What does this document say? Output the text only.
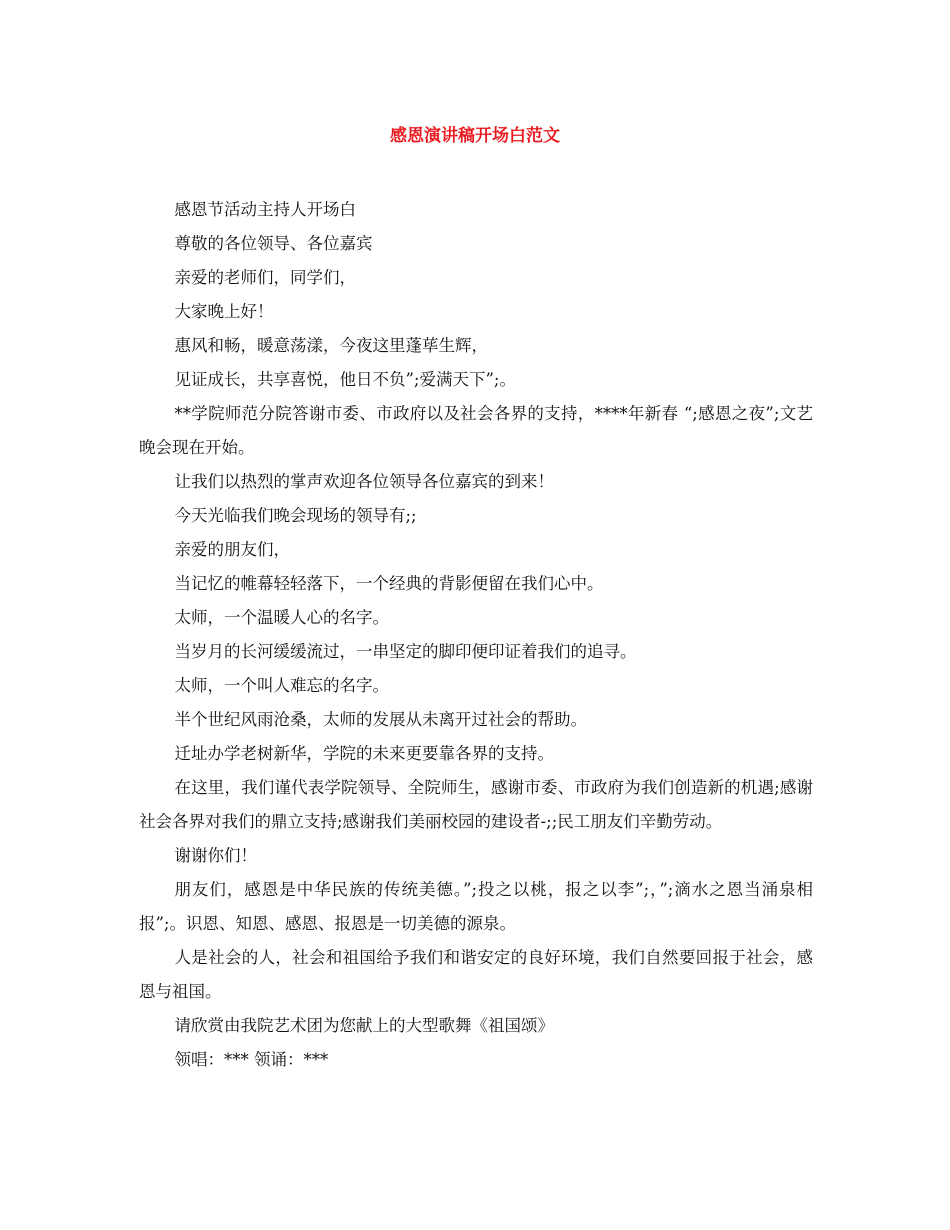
感恩演讲稿开场白范文

感恩节活动主持人开场白

尊敬的各位领导、各位嘉宾

亲爱的老师们，同学们，

大家晚上好！

惠风和畅，暖意荡漾，今夜这里蓬荜生辉，

见证成长，共享喜悦，他日不负”;爱满天下”;。

**学院师范分院答谢市委、市政府以及社会各界的支持，****年新春 “;感恩之夜”;文艺晚会现在开始。

让我们以热烈的掌声欢迎各位领导各位嘉宾的到来！

今天光临我们晚会现场的领导有;;

亲爱的朋友们，

当记忆的帷幕轻轻落下，一个经典的背影便留在我们心中。

太师，一个温暖人心的名字。

当岁月的长河缓缓流过，一串坚定的脚印便印证着我们的追寻。

太师，一个叫人难忘的名字。

半个世纪风雨沧桑，太师的发展从未离开过社会的帮助。

迁址办学老树新华，学院的未来更要靠各界的支持。

在这里，我们谨代表学院领导、全院师生，感谢市委、市政府为我们创造新的机遇;感谢社会各界对我们的鼎立支持;感谢我们美丽校园的建设者-;;民工朋友们辛勤劳动。

谢谢你们！

朋友们，感恩是中华民族的传统美德。”;投之以桃，报之以李”;，”;滴水之恩当涌泉相报”;。识恩、知恩、感恩、报恩是一切美德的源泉。

人是社会的人，社会和祖国给予我们和谐安定的良好环境，我们自然要回报于社会，感恩与祖国。

请欣赏由我院艺术团为您献上的大型歌舞《祖国颂》

领唱：*** 领诵：***
